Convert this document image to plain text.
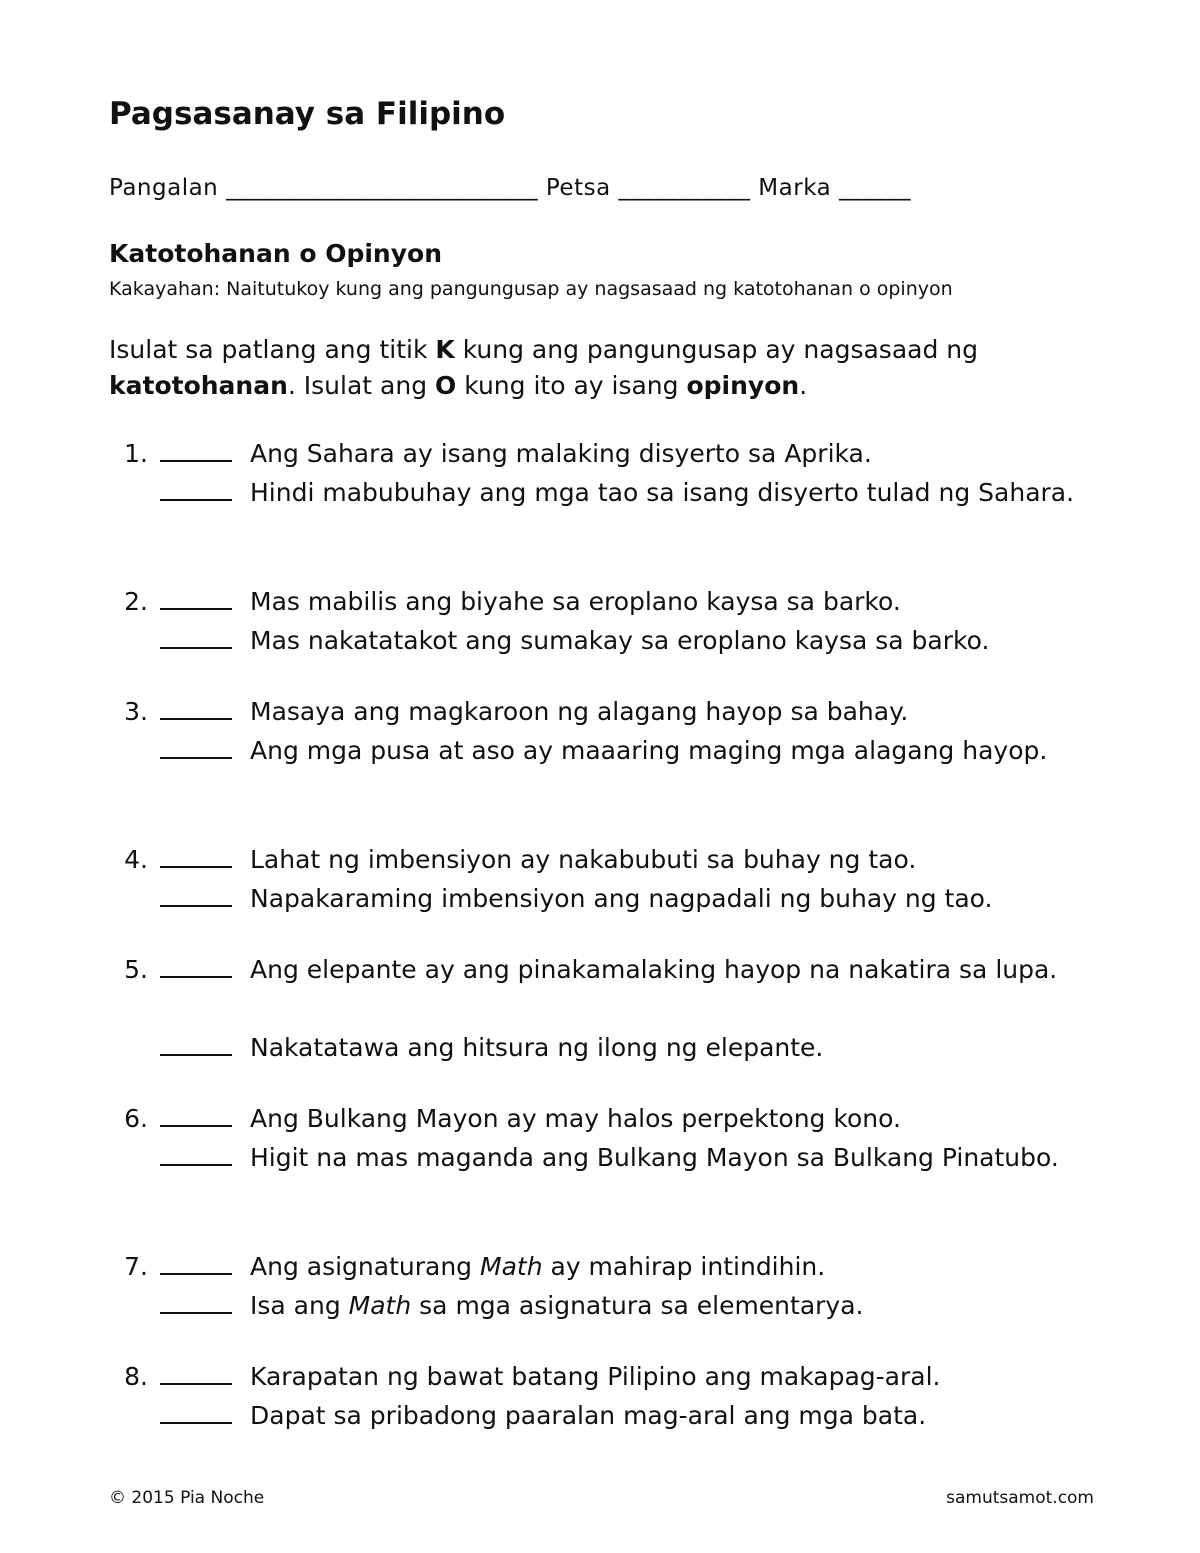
Pagsasanay sa Filipino

Pangalan __________________________ Petsa ___________ Marka ______

Katotohanan o Opinyon

Kakayahan: Naitutukoy kung ang pangungusap ay nagsasaad ng katotohanan o opinyon

Isulat sa patlang ang titik K kung ang pangungusap ay nagsasaad ng katotohanan. Isulat ang O kung ito ay isang opinyon.

1.	Ang Sahara ay isang malaking disyerto sa Aprika.
Hindi mabubuhay ang mga tao sa isang disyerto tulad ng Sahara.
2.	Mas mabilis ang biyahe sa eroplano kaysa sa barko.
Mas nakatatakot ang sumakay sa eroplano kaysa sa barko.
3.	Masaya ang magkaroon ng alagang hayop sa bahay.
Ang mga pusa at aso ay maaaring maging mga alagang hayop.
4.	Lahat ng imbensiyon ay nakabubuti sa buhay ng tao.
Napakaraming imbensiyon ang nagpadali ng buhay ng tao.
5.	Ang elepante ay ang pinakamalaking hayop na nakatira sa lupa.
Nakatatawa ang hitsura ng ilong ng elepante.
6.	Ang Bulkang Mayon ay may halos perpektong kono.
Higit na mas maganda ang Bulkang Mayon sa Bulkang Pinatubo.
7.	Ang asignaturang Math ay mahirap intindihin.
Isa ang Math sa mga asignatura sa elementarya.
8.	Karapatan ng bawat batang Pilipino ang makapag-aral.
Dapat sa pribadong paaralan mag-aral ang mga bata.

© 2015 Pia Noche	samutsamot.com
